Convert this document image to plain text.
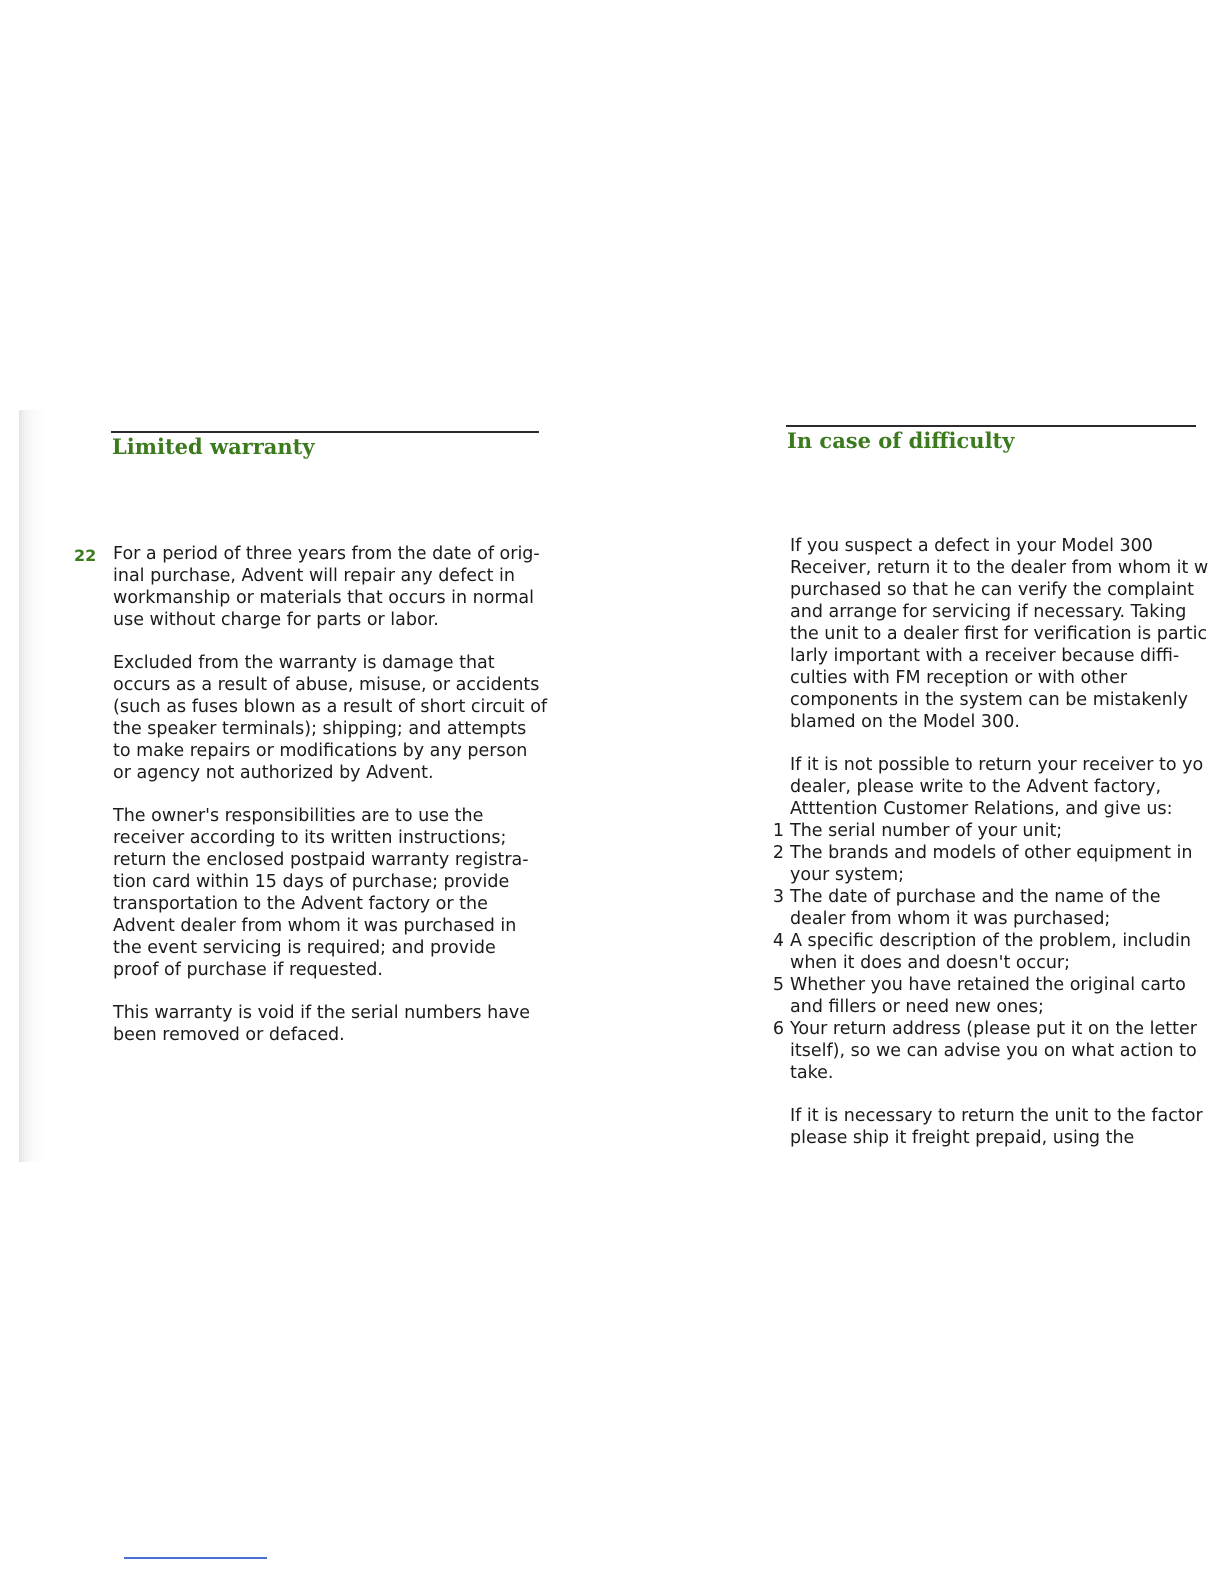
Limited warranty
22 For a period of three years from the date of orig-
inal purchase, Advent will repair any defect in
workmanship or materials that occurs in normal
use without charge for parts or labor.

Excluded from the warranty is damage that
occurs as a result of abuse, misuse, or accidents
(such as fuses blown as a result of short circuit of
the speaker terminals); shipping; and attempts
to make repairs or modifications by any person
or agency not authorized by Advent.

The owner's responsibilities are to use the
receiver according to its written instructions;
return the enclosed postpaid warranty registra-
tion card within 15 days of purchase; provide
transportation to the Advent factory or the
Advent dealer from whom it was purchased in
the event servicing is required; and provide
proof of purchase if requested.

This warranty is void if the serial numbers have
been removed or defaced.

In case of difficulty

If you suspect a defect in your Model 300
Receiver, return it to the dealer from whom it w
purchased so that he can verify the complaint
and arrange for servicing if necessary. Taking
the unit to a dealer first for verification is partic
larly important with a receiver because diffi-
culties with FM reception or with other
components in the system can be mistakenly
blamed on the Model 300.

If it is not possible to return your receiver to yo
dealer, please write to the Advent factory,
Atttention Customer Relations, and give us:

1 The serial number of your unit;
2 The brands and models of other equipment in
your system;
3 The date of purchase and the name of the
dealer from whom it was purchased;
4 A specific description of the problem, includin
when it does and doesn't occur;
5 Whether you have retained the original carto
and fillers or need new ones;
6 Your return address (please put it on the letter
itself), so we can advise you on what action to
take.

If it is necessary to return the unit to the factor
please ship it freight prepaid, using the
